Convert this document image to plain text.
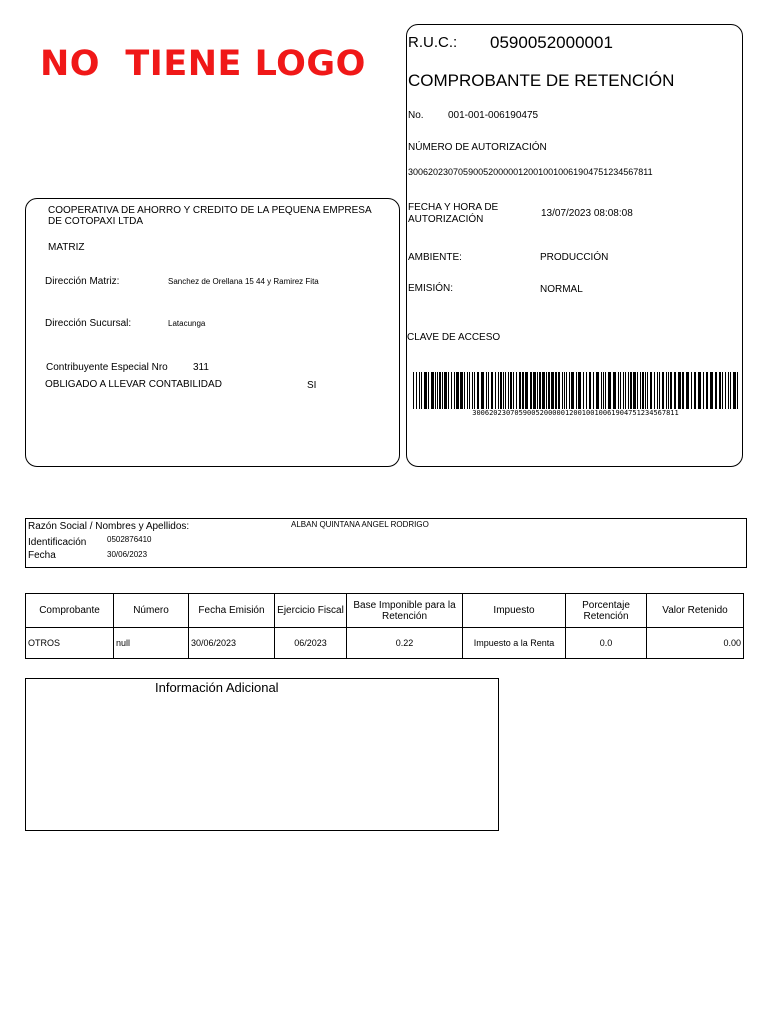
NO  TIENE LOGO
R.U.C.: 0590052000001
COMPROBANTE DE RETENCIÓN
No. 001-001-006190475
NÚMERO DE AUTORIZACIÓN
3006202307059005200000120010010061904751234567811
FECHA Y HORA DE
AUTORIZACIÓN
13/07/2023 08:08:08
AMBIENTE:	PRODUCCIÓN
EMISIÓN:	NORMAL
CLAVE DE ACCESO
3006202307059005200000120010010061904751234567811
COOPERATIVA DE AHORRO Y CREDITO DE LA PEQUENA EMPRESA
DE COTOPAXI LTDA
MATRIZ
Dirección Matriz:	Sanchez de Orellana 15 44 y Ramirez Fita
Dirección Sucursal:	Latacunga
Contribuyente Especial Nro	311
OBLIGADO A LLEVAR CONTABILIDAD	SI
Razón Social / Nombres y Apellidos:	ALBAN QUINTANA ANGEL RODRIGO
Identificación	0502876410
Fecha	30/06/2023
Comprobante	Número	Fecha Emisión	Ejercicio Fiscal	Base Imponible para la Retención	Impuesto	Porcentaje Retención	Valor Retenido
OTROS	null	30/06/2023	06/2023	0.22	Impuesto a la Renta	0.0	0.00
Información Adicional
